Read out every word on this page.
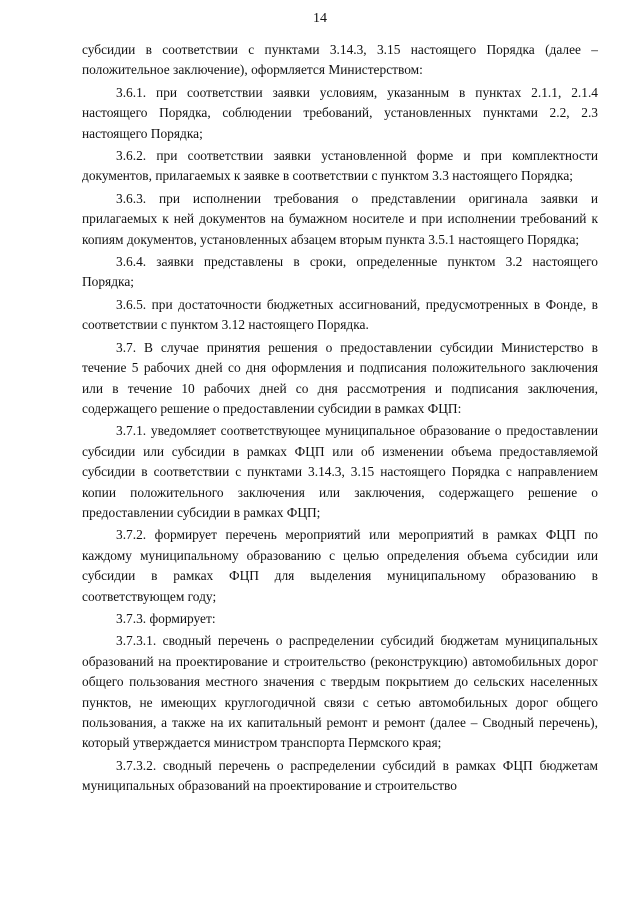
14

субсидии в соответствии с пунктами 3.14.3, 3.15 настоящего Порядка (далее – положительное заключение), оформляется Министерством:

3.6.1. при соответствии заявки условиям, указанным в пунктах 2.1.1, 2.1.4 настоящего Порядка, соблюдении требований, установленных пунктами 2.2, 2.3 настоящего Порядка;

3.6.2. при соответствии заявки установленной форме и при комплектности документов, прилагаемых к заявке в соответствии с пунктом 3.3 настоящего Порядка;

3.6.3. при исполнении требования о представлении оригинала заявки и прилагаемых к ней документов на бумажном носителе и при исполнении требований к копиям документов, установленных абзацем вторым пункта 3.5.1 настоящего Порядка;

3.6.4. заявки представлены в сроки, определенные пунктом 3.2 настоящего Порядка;

3.6.5. при достаточности бюджетных ассигнований, предусмотренных в Фонде, в соответствии с пунктом 3.12 настоящего Порядка.

3.7. В случае принятия решения о предоставлении субсидии Министерство в течение 5 рабочих дней со дня оформления и подписания положительного заключения или в течение 10 рабочих дней со дня рассмотрения и подписания заключения, содержащего решение о предоставлении субсидии в рамках ФЦП:

3.7.1. уведомляет соответствующее муниципальное образование о предоставлении субсидии или субсидии в рамках ФЦП или об изменении объема предоставляемой субсидии в соответствии с пунктами 3.14.3, 3.15 настоящего Порядка с направлением копии положительного заключения или заключения, содержащего решение о предоставлении субсидии в рамках ФЦП;

3.7.2. формирует перечень мероприятий или мероприятий в рамках ФЦП по каждому муниципальному образованию с целью определения объема субсидии или субсидии в рамках ФЦП для выделения муниципальному образованию в соответствующем году;

3.7.3. формирует:

3.7.3.1. сводный перечень о распределении субсидий бюджетам муниципальных образований на проектирование и строительство (реконструкцию) автомобильных дорог общего пользования местного значения с твердым покрытием до сельских населенных пунктов, не имеющих круглогодичной связи с сетью автомобильных дорог общего пользования, а также на их капитальный ремонт и ремонт (далее – Сводный перечень), который утверждается министром транспорта Пермского края;

3.7.3.2. сводный перечень о распределении субсидий в рамках ФЦП бюджетам муниципальных образований на проектирование и строительство
